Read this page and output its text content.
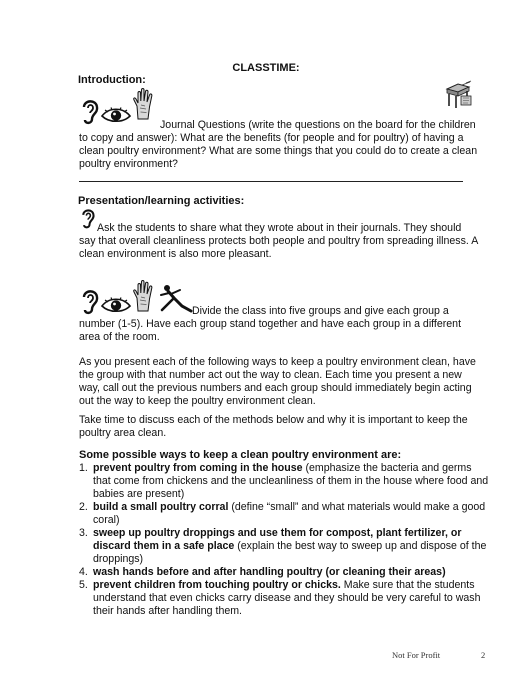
CLASSTIME:
Introduction:

Journal Questions (write the questions on the board for the children to copy and answer): What are the benefits (for people and for poultry) of having a clean poultry environment? What are some things that you could do to create a clean poultry environment?

Presentation/learning activities:

Ask the students to share what they wrote about in their journals. They should say that overall cleanliness protects both people and poultry from spreading illness. A clean environment is also more pleasant.

Divide the class into five groups and give each group a number (1-5). Have each group stand together and have each group in a different area of the room.

As you present each of the following ways to keep a poultry environment clean, have the group with that number act out the way to clean. Each time you present a new way, call out the previous numbers and each group should immediately begin acting out the way to keep the poultry environment clean.

Take time to discuss each of the methods below and why it is important to keep the poultry area clean.

Some possible ways to keep a clean poultry environment are:
1. prevent poultry from coming in the house (emphasize the bacteria and germs that come from chickens and the uncleanliness of them in the house where food and babies are present)
2. build a small poultry corral (define “small” and what materials would make a good coral)
3. sweep up poultry droppings and use them for compost, plant fertilizer, or discard them in a safe place (explain the best way to sweep up and dispose of the droppings)
4. wash hands before and after handling poultry (or cleaning their areas)
5. prevent children from touching poultry or chicks. Make sure that the students understand that even chicks carry disease and they should be very careful to wash their hands after handling them.
Not For Profit	2
